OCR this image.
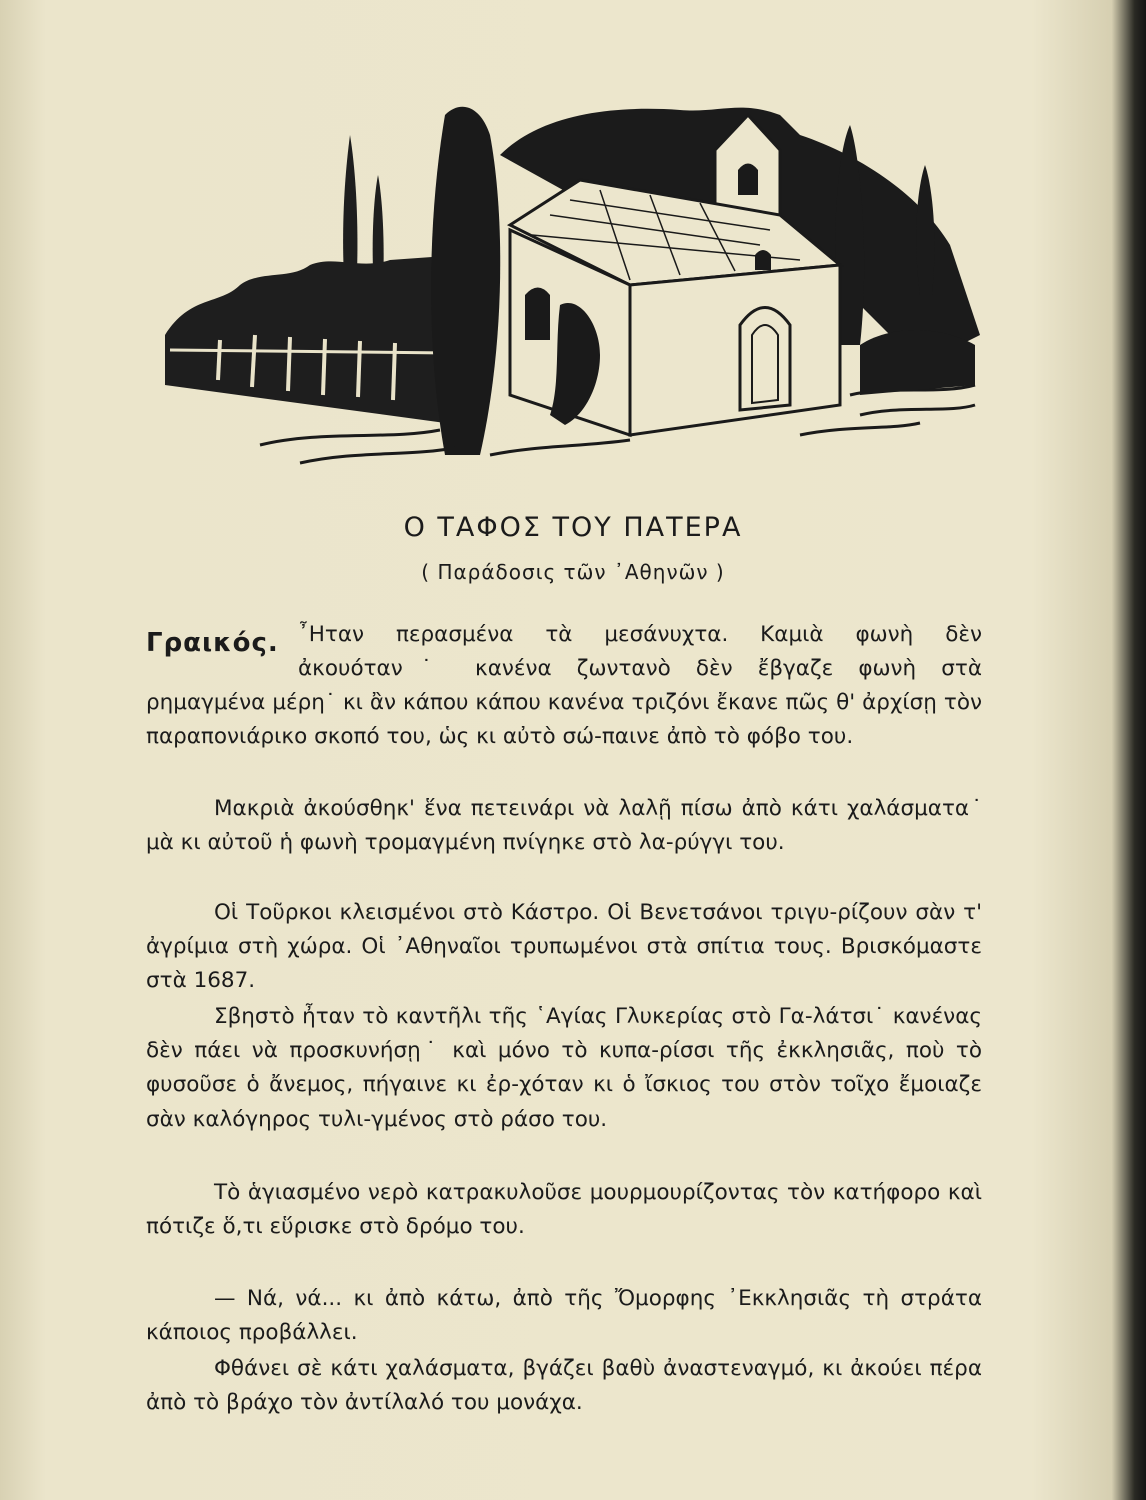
Ο ΤΑΦΟΣ ΤΟΥ ΠΑΤΕΡΑ
( Παράδοσις τῶν ᾿Αθηνῶν )
Γραικός. ῏Ηταν περασμένα τὰ μεσάνυχτα. Καμιὰ φωνὴ δὲν

ἀκουόταν˙ κανένα ζωντανὸ δὲν ἔβγαζε φωνὴ στὰ

ρημαγμένα μέρη˙ κι ἂν κάπου κάπου κανένα τριζόνι ἔκανε πῶς θ' ἀρχίσῃ τὸν παραπονιάρικο σκοπό του, ὡς κι αὐτὸ σώ-παινε ἀπὸ τὸ φόβο του.

Μακριὰ ἀκούσθηκ' ἕνα πετεινάρι νὰ λαλῇ πίσω ἀπὸ κάτι χαλάσματα˙ μὰ κι αὐτοῦ ἡ φωνὴ τρομαγμένη πνίγηκε στὸ λα-ρύγγι του.

Οἱ Τοῦρκοι κλεισμένοι στὸ Κάστρο. Οἱ Βενετσάνοι τριγυ-ρίζουν σὰν τ' ἀγρίμια στὴ χώρα. Οἱ ᾿Αθηναῖοι τρυπωμένοι στὰ σπίτια τους. Βρισκόμαστε στὰ 1687.

Σβηστὸ ἦταν τὸ καντῆλι τῆς ῾Αγίας Γλυκερίας στὸ Γα-λάτσι˙ κανένας δὲν πάει νὰ προσκυνήσῃ˙ καὶ μόνο τὸ κυπα-ρίσσι τῆς ἐκκλησιᾶς, ποὺ τὸ φυσοῦσε ὁ ἄνεμος, πήγαινε κι ἐρ-χόταν κι ὁ ἴσκιος του στὸν τοῖχο ἔμοιαζε σὰν καλόγηρος τυλι-γμένος στὸ ράσο του.

Τὸ ἁγιασμένο νερὸ κατρακυλοῦσε μουρμουρίζοντας τὸν κατήφορο καὶ πότιζε ὅ,τι εὕρισκε στὸ δρόμο του.

— Νά, νά... κι ἀπὸ κάτω, ἀπὸ τῆς Ὄμορφης ᾿Εκκλησιᾶς τὴ στράτα κάποιος προβάλλει.

Φθάνει σὲ κάτι χαλάσματα, βγάζει βαθὺ ἀναστεναγμό, κι ἀκούει πέρα ἀπὸ τὸ βράχο τὸν ἀντίλαλό του μονάχα.
